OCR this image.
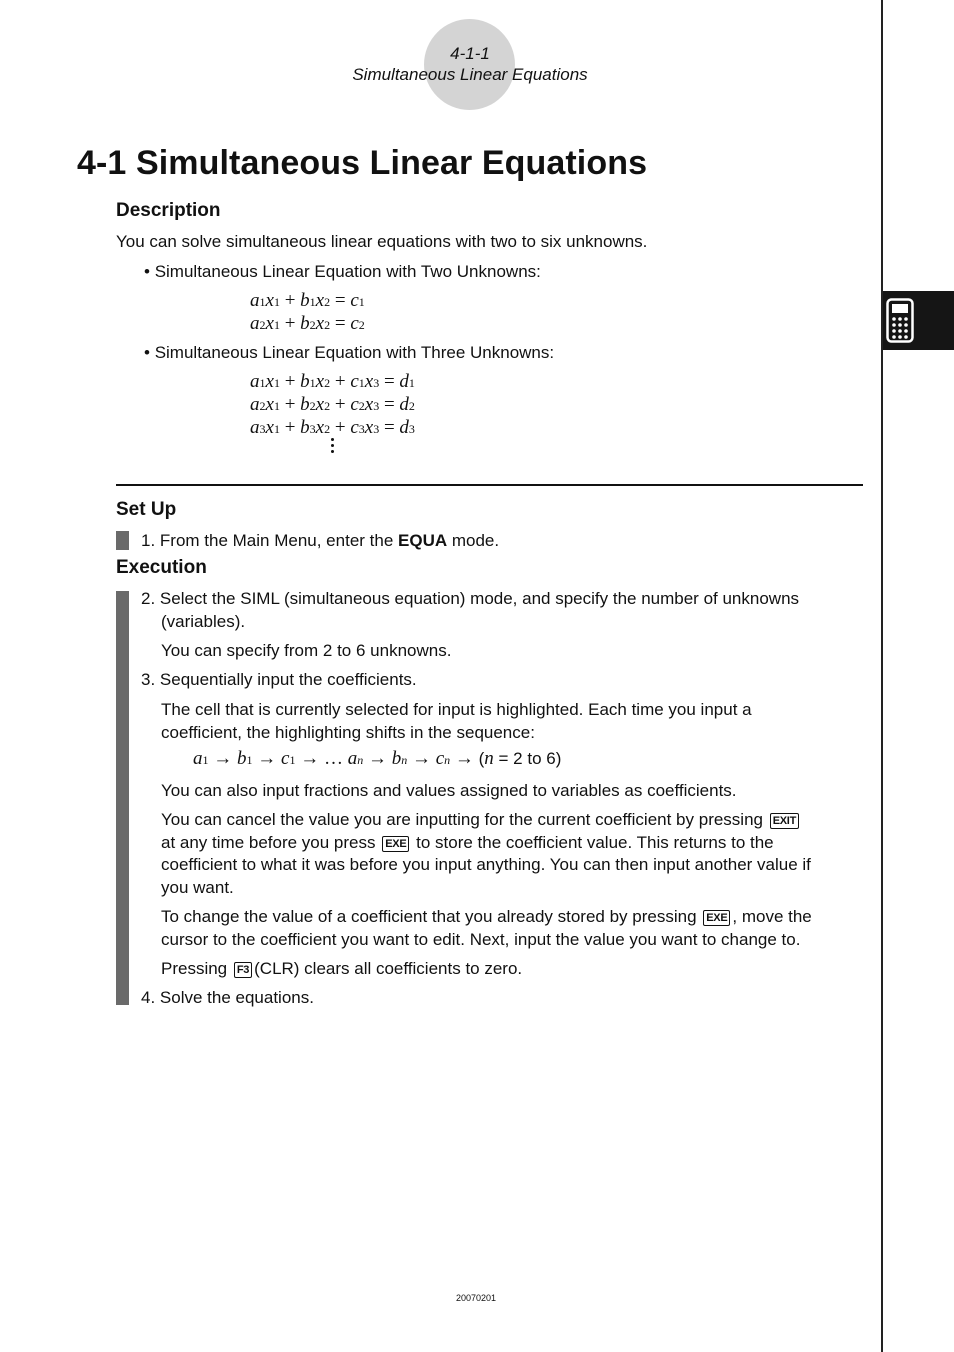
4-1-1
Simultaneous Linear Equations
4-1 Simultaneous Linear Equations
Description
You can solve simultaneous linear equations with two to six unknowns.
• Simultaneous Linear Equation with Two Unknowns:
a1x1 + b1x2 = c1
a2x1 + b2x2 = c2
• Simultaneous Linear Equation with Three Unknowns:
a1x1 + b1x2 + c1x3 = d1
a2x1 + b2x2 + c2x3 = d2
a3x1 + b3x2 + c3x3 = d3
Set Up
1. From the Main Menu, enter the EQUA mode.
Execution
2. Select the SIML (simultaneous equation) mode, and specify the number of unknowns (variables).
You can specify from 2 to 6 unknowns.
3. Sequentially input the coefficients.
The cell that is currently selected for input is highlighted. Each time you input a coefficient, the highlighting shifts in the sequence:
a1 → b1 → c1 → … an → bn → cn → (n = 2 to 6)
You can also input fractions and values assigned to variables as coefficients.
You can cancel the value you are inputting for the current coefficient by pressing EXIT
at any time before you press EXE to store the coefficient value. This returns to the
coefficient to what it was before you input anything. You can then input another value if
you want.
To change the value of a coefficient that you already stored by pressing EXE , move the
cursor to the coefficient you want to edit. Next, input the value you want to change to.
Pressing F3 (CLR) clears all coefficients to zero.
4. Solve the equations.
20070201
